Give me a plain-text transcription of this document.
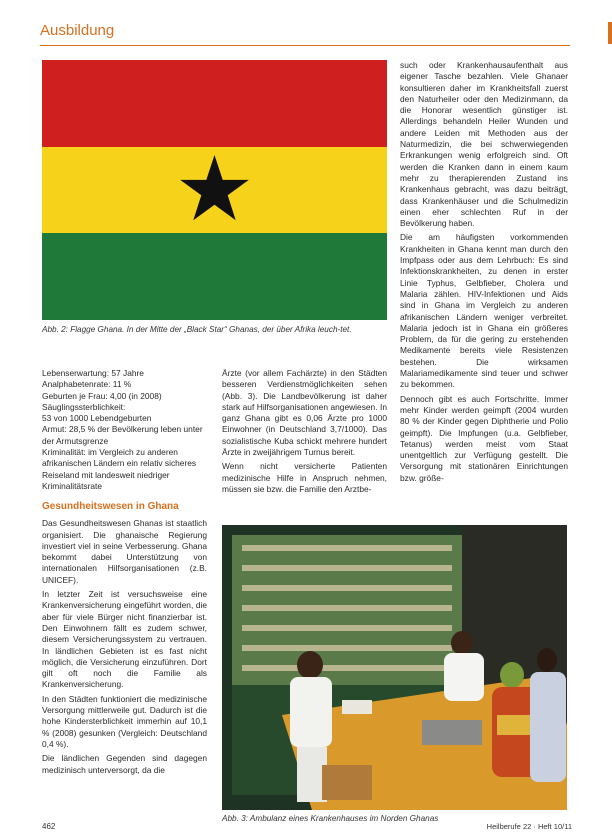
Ausbildung
Abb. 2: Flagge Ghana. In der Mitte der „Black Star“ Ghanas, der über Afrika leuch-tet.
Lebenserwartung: 57 Jahre
Analphabetenrate: 11 %
Geburten je Frau: 4,00 (in 2008)
Säuglingssterblichkeit:
53 von 1000 Lebendgeburten
Armut: 28,5 % der Bevölkerung leben unter der Armutsgrenze
Kriminalität: im Vergleich zu anderen afrikanischen Ländern ein relativ sicheres Reiseland mit landesweit niedriger Kriminalitätsrate
Gesundheitswesen in Ghana

Das Gesundheitswesen Ghanas ist staatlich organisiert. Die ghanaische Regierung investiert viel in seine Verbesserung. Ghana bekommt dabei Unterstützung von internationalen Hilfsorganisationen (z.B. UNICEF).

In letzter Zeit ist versuchsweise eine Krankenversicherung eingeführt worden, die aber für viele Bürger nicht finanzierbar ist. Den Einwohnern fällt es zudem schwer, diesem Versicherungssystem zu vertrauen. In ländlichen Gebieten ist es fast nicht möglich, die Versicherung einzuführen. Dort gilt oft noch die Familie als Krankenversicherung.

In den Städten funktioniert die medizinische Versorgung mittlerweile gut. Dadurch ist die hohe Kindersterblichkeit immerhin auf 10,1 % (2008) gesunken (Vergleich: Deutschland 0,4 %).

Die ländlichen Gegenden sind dagegen medizinisch unterversorgt, da die

Ärzte (vor allem Fachärzte) in den Städten besseren Verdienstmöglichkeiten sehen (Abb. 3). Die Landbevölkerung ist daher stark auf Hilfsorganisationen angewiesen. In ganz Ghana gibt es 0,06 Ärzte pro 1000 Einwohner (in Deutschland 3,7/1000). Das sozialistische Kuba schickt mehrere hundert Ärzte in zweijährigem Turnus bereit.

Wenn nicht versicherte Patienten medizinische Hilfe in Anspruch nehmen, müssen sie bzw. die Familie den Arztbe-

such oder Krankenhausaufenthalt aus eigener Tasche bezahlen. Viele Ghanaer konsultieren daher im Krankheitsfall zuerst den Naturheiler oder den Medizinmann, da die Honorar wesentlich günstiger ist. Allerdings behandeln Heiler Wunden und andere Leiden mit Methoden aus der Naturmedizin, die bei schwerwiegenden Erkrankungen wenig erfolgreich sind. Oft werden die Kranken dann in einem kaum mehr zu therapierenden Zustand ins Krankenhaus gebracht, was dazu beiträgt, dass Krankenhäuser und die Schulmedizin einen eher schlechten Ruf in der Bevölkerung haben.

Die am häufigsten vorkommenden Krankheiten in Ghana kennt man durch den Impfpass oder aus dem Lehrbuch: Es sind Infektionskrankheiten, zu denen in erster Linie Typhus, Gelbfieber, Cholera und Malaria zählen. HIV-Infektionen und Aids sind in Ghana im Vergleich zu anderen afrikanischen Ländern weniger verbreitet. Malaria jedoch ist in Ghana ein größeres Problem, da für die gering zu erstehenden Medikamente bereits viele Resistenzen bestehen. Die wirksamen Malariamedikamente sind teuer und schwer zu bekommen.

Dennoch gibt es auch Fortschritte. Immer mehr Kinder werden geimpft (2004 wurden 80 % der Kinder gegen Diphtherie und Polio geimpft). Die Impfungen (u.a. Gelbfieber, Tetanus) werden meist vom Staat unentgeltlich zur Verfügung gestellt. Die Versorgung mit stationären Einrichtungen bzw. größe-

Abb. 3: Ambulanz eines Krankenhauses im Norden Ghanas
462	Heilberufe 22 · Heft 10/11
